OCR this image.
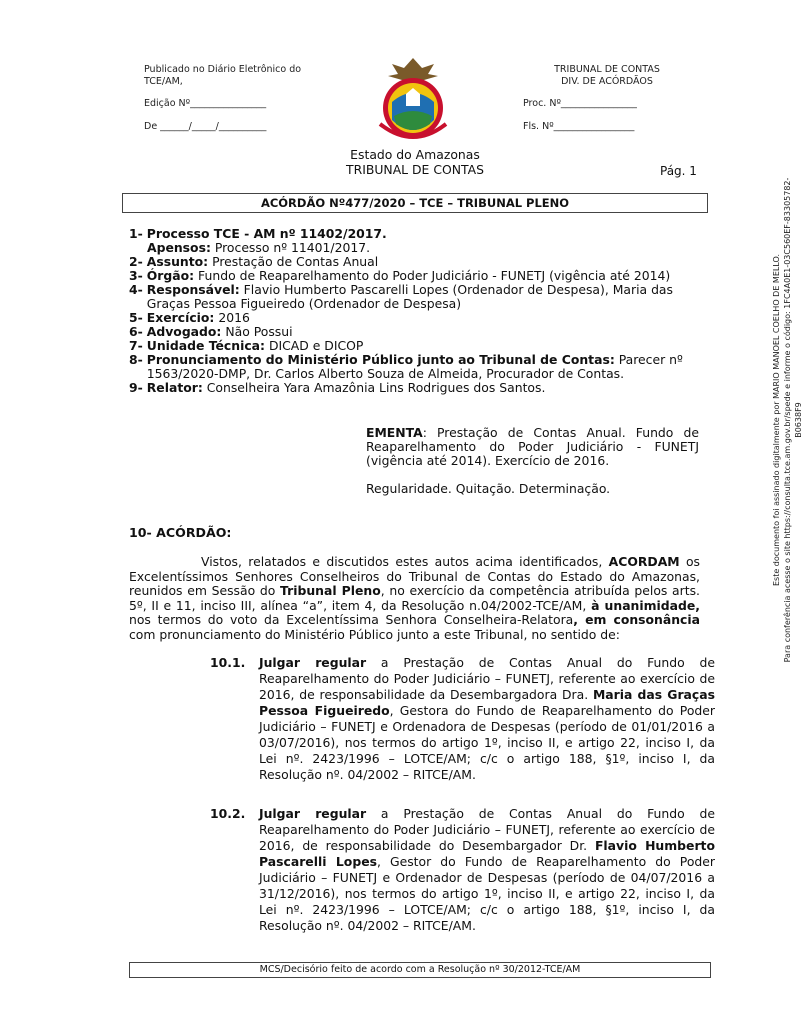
Publicado no Diário Eletrônico do
TCE/AM,
Edição Nº________________
De ______/_____/__________
TRIBUNAL DE CONTAS
DIV. DE ACÓRDÃOS
Proc. Nº________________
Fls. Nº_________________
Estado do Amazonas
TRIBUNAL DE CONTAS	Pág. 1
ACÓRDÃO Nº477/2020 – TCE – TRIBUNAL PLENO
1- Processo TCE - AM nº 11402/2017.
Apensos: Processo nº 11401/2017.
2- Assunto: Prestação de Contas Anual
3- Órgão: Fundo de Reaparelhamento do Poder Judiciário - FUNETJ (vigência até 2014)
4- Responsável: Flavio Humberto Pascarelli Lopes (Ordenador de Despesa), Maria das Graças Pessoa Figueiredo (Ordenador de Despesa)
5- Exercício: 2016
6- Advogado: Não Possui
7- Unidade Técnica: DICAD e DICOP
8- Pronunciamento do Ministério Público junto ao Tribunal de Contas: Parecer nº 1563/2020-DMP, Dr. Carlos Alberto Souza de Almeida, Procurador de Contas.
9- Relator: Conselheira Yara Amazônia Lins Rodrigues dos Santos.
EMENTA: Prestação de Contas Anual. Fundo de Reaparelhamento do Poder Judiciário - FUNETJ (vigência até 2014). Exercício de 2016.
Regularidade. Quitação. Determinação.
10- ACÓRDÃO:
Vistos, relatados e discutidos estes autos acima identificados, ACORDAM os Excelentíssimos Senhores Conselheiros do Tribunal de Contas do Estado do Amazonas, reunidos em Sessão do Tribunal Pleno, no exercício da competência atribuída pelos arts. 5º, II e 11, inciso III, alínea “a”, item 4, da Resolução n.04/2002-TCE/AM, à unanimidade, nos termos do voto da Excelentíssima Senhora Conselheira-Relatora, em consonância com pronunciamento do Ministério Público junto a este Tribunal, no sentido de:
10.1. Julgar regular a Prestação de Contas Anual do Fundo de Reaparelhamento do Poder Judiciário – FUNETJ, referente ao exercício de 2016, de responsabilidade da Desembargadora Dra. Maria das Graças Pessoa Figueiredo, Gestora do Fundo de Reaparelhamento do Poder Judiciário – FUNETJ e Ordenadora de Despesas (período de 01/01/2016 a 03/07/2016), nos termos do artigo 1º, inciso II, e artigo 22, inciso I, da Lei nº. 2423/1996 – LOTCE/AM; c/c o artigo 188, §1º, inciso I, da Resolução nº. 04/2002 – RITCE/AM.
10.2. Julgar regular a Prestação de Contas Anual do Fundo de Reaparelhamento do Poder Judiciário – FUNETJ, referente ao exercício de 2016, de responsabilidade do Desembargador Dr. Flavio Humberto Pascarelli Lopes, Gestor do Fundo de Reaparelhamento do Poder Judiciário – FUNETJ e Ordenador de Despesas (período de 04/07/2016 a 31/12/2016), nos termos do artigo 1º, inciso II, e artigo 22, inciso I, da Lei nº. 2423/1996 – LOTCE/AM; c/c o artigo 188, §1º, inciso I, da Resolução nº. 04/2002 – RITCE/AM.
MCS/Decisório feito de acordo com a Resolução nº 30/2012-TCE/AM
Este documento foi assinado digitalmente por MARIO MANOEL COELHO DE MELLO. Para conferência acesse o site https://consulta.tce.am.gov.br/spede e informe o código: 1FC4A0E1-03C560EF-83305782-B0638F9
